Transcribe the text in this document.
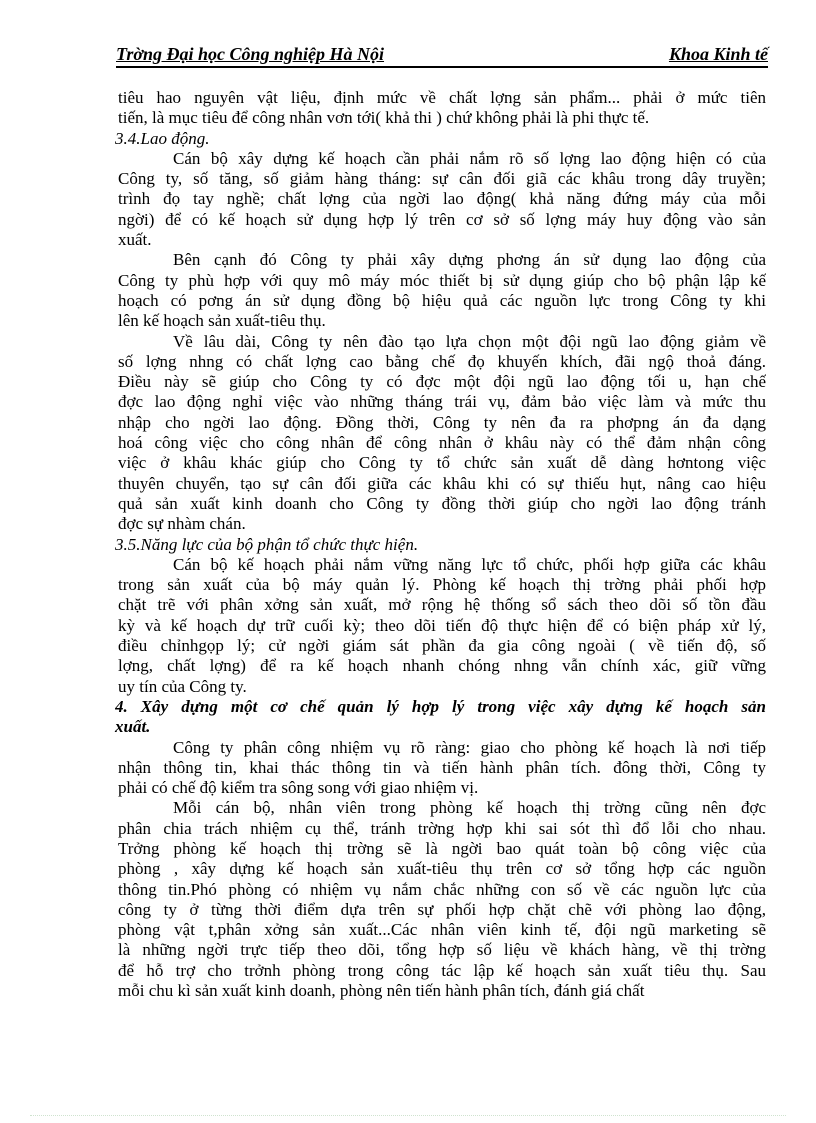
Trờng Đại học Công nghiệp Hà Nội	Khoa Kinh tế
tiêu hao nguyên vật liệu, định mức về chất lợng sản phẩm... phải ở mức tiên
tiến, là mục tiêu để công nhân vơn tới( khả thi ) chứ không phải là phi thực tế.
3.4.Lao động.
Cán bộ xây dựng kế hoạch cần phải nắm rõ số lợng lao động hiện có của
Công ty, số tăng, số giảm hàng tháng: sự cân đối giã các khâu trong dây truyền;
trình đọ tay nghề; chất lợng của ngời lao động( khả năng đứng máy của mỗi
ngời) để có kế hoạch sử dụng hợp lý trên cơ sở số lợng máy huy động vào sản
xuất.
Bên cạnh đó Công ty phải xây dựng phơng án sử dụng lao động của
Công ty phù hợp với quy mô máy móc thiết bị sử dụng giúp cho bộ phận lập kế
hoạch có pơng án sử dụng đồng bộ hiệu quả các nguồn lực trong Công ty khi
lên kế hoạch sản xuất-tiêu thụ.
Về lâu dài, Công ty nên đào tạo lựa chọn một đội ngũ lao động giảm về
số lợng nhng có chất lợng cao bằng chế đọ khuyến khích, đãi ngộ thoả đáng.
Điều này sẽ giúp cho Công ty có đợc một đội ngũ lao động tối u, hạn chế
đợc lao động nghỉ việc vào những tháng trái vụ, đảm bảo việc làm và mức thu
nhập cho ngời lao động. Đồng thời, Công ty nên đa ra phơpng án đa dạng
hoá công việc cho công nhân để công nhân ở khâu này có thể đảm nhận công
việc ở khâu khác giúp cho Công ty tổ chức sản xuất dễ dàng hơntong việc
thuyên chuyển, tạo sự cân đối giữa các khâu khi có sự thiếu hụt, nâng cao hiệu
quả sản xuất kinh doanh cho Công ty đồng thời giúp cho ngời lao động tránh
đợc sự nhàm chán.
3.5.Năng lực của bộ phận tổ chức thực hiện.
Cán bộ kế hoạch phải nắm vững năng lực tổ chức, phối hợp giữa các khâu
trong sản xuất của bộ máy quản lý. Phòng kế hoạch thị trờng phải phối hợp
chặt trẽ với phân xởng sản xuất, mở rộng hệ thống sổ sách theo dõi số tồn đầu
kỳ và kế hoạch dự trữ cuối kỳ; theo dõi tiến độ thực hiện để có biện pháp xử lý,
điều chỉnhgọp lý; cử ngời giám sát phần đa gia công ngoài ( về tiến độ, số
lợng, chất lợng) để ra kế hoạch nhanh chóng nhng vẫn chính xác, giữ vững
uy tín của Công ty.
4. Xây dựng một cơ chế quản lý hợp lý trong việc xây dựng kế hoạch sản
xuất.
Công ty phân công nhiệm vụ rõ ràng: giao cho phòng kế hoạch là nơi tiếp
nhận thông tin, khai thác thông tin và tiến hành phân tích. đông thời, Công ty
phải có chế độ kiểm tra sông song với giao nhiệm vị.
Mỗi cán bộ, nhân viên trong phòng kế hoạch thị trờng cũng nên đợc
phân chia trách nhiệm cụ thể, tránh trờng hợp khi sai sót thì đổ lỗi cho nhau.
Trởng phòng kế hoạch thị trờng sẽ là ngời bao quát toàn bộ công việc của
phòng , xây dựng kế hoạch sản xuất-tiêu thụ trên cơ sở tổng hợp các nguồn
thông tin.Phó phòng có nhiệm vụ nắm chắc những con số về các nguồn lực của
công ty ở từng thời điểm dựa trên sự phối hợp chặt chẽ với phòng lao động,
phòng vật t,phân xởng sản xuất...Các nhân viên kinh tế, đội ngũ marketing sẽ
là những ngời trực tiếp theo dõi, tổng hợp số liệu về khách hàng, về thị trờng
để hỗ trợ cho trởnh phòng trong công tác lập kế hoạch sản xuất tiêu thụ. Sau
mỗi chu kì sản xuất kinh doanh, phòng nên tiến hành phân tích, đánh giá chất
